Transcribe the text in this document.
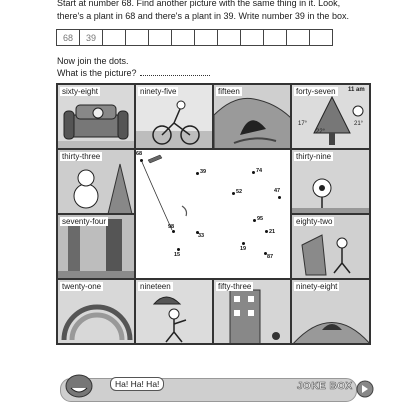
Start at number 68. Find another picture with the same thing in it. Look,

there's a plant in 68 and there's a plant in 39. Write number 39 in the box.

68	39

Now join the dots.

What is the picture?

sixty-eight	ninety-five	fifteen	forty-seven	11 am
17°
22°
21°
thirty-three	thirty-nine
seventy-four	eighty-two
twenty-one	nineteen	fifty-three	ninety-eight
68
39	74
52	47
95
21
87
19
15
98
33
Ha! Ha! Ha!	JOKE BOX
